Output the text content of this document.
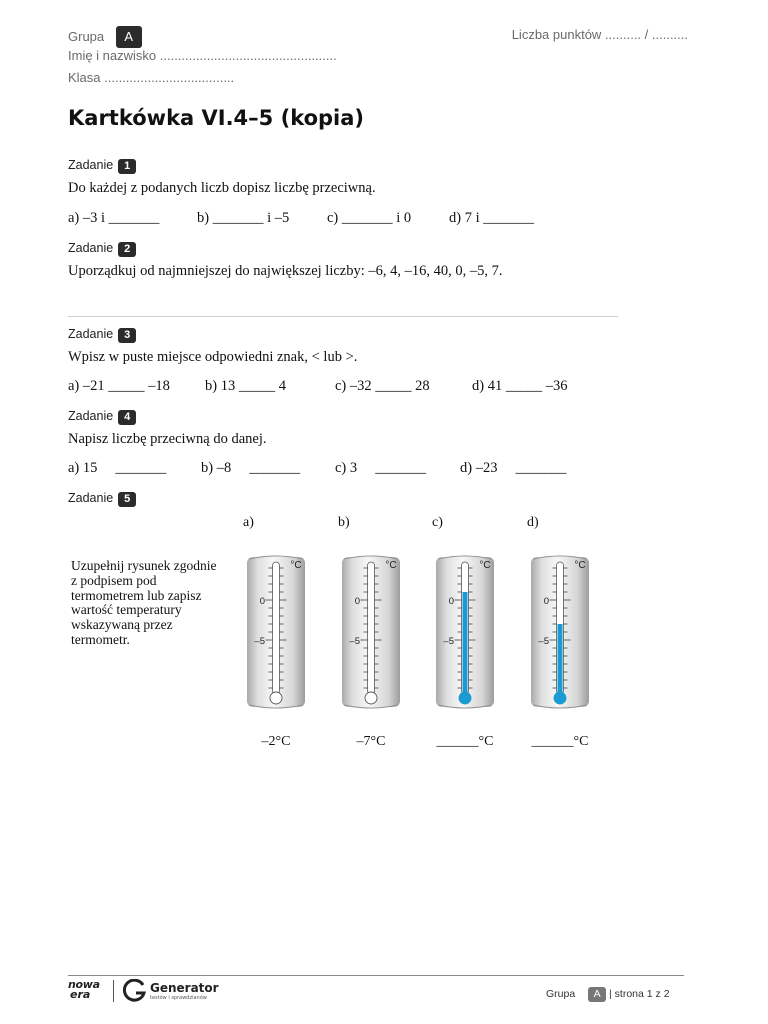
Grupa A	Liczba punktów .......... / ..........
Imię i nazwisko .................................................
Klasa ....................................
Kartkówka VI.4–5 (kopia)
Zadanie 1
Do każdej z podanych liczb dopisz liczbę przeciwną.
a) –3 i _______	b) _______ i –5	c) _______ i 0	d) 7 i _______
Zadanie 2
Uporządkuj od najmniejszej do największej liczby: –6, 4, –16, 40, 0, –5, 7.
Zadanie 3
Wpisz w puste miejsce odpowiedni znak, < lub >.
a) –21 _____ –18 b) 13 _____ 4	c) –32 _____ 28	d) 41 _____ –36
Zadanie 4
Napisz liczbę przeciwną do danej.
a) 15     _______ b) –8     _______ c) 3     _______ d) –23     _______
Zadanie 5
Uzupełnij rysunek zgodnie
z podpisem pod
termometrem lub zapisz
wartość temperatury
wskazywaną przez
termometr.
a)
0
–5
°C
–2°C
b)
0
–5
°C
–7°C
c)
0
–5
°C
______°C
d)
0
–5
°C
______°C
nowa
era	Generator
testów i sprawdzianów	Grupa A | strona 1 z 2
